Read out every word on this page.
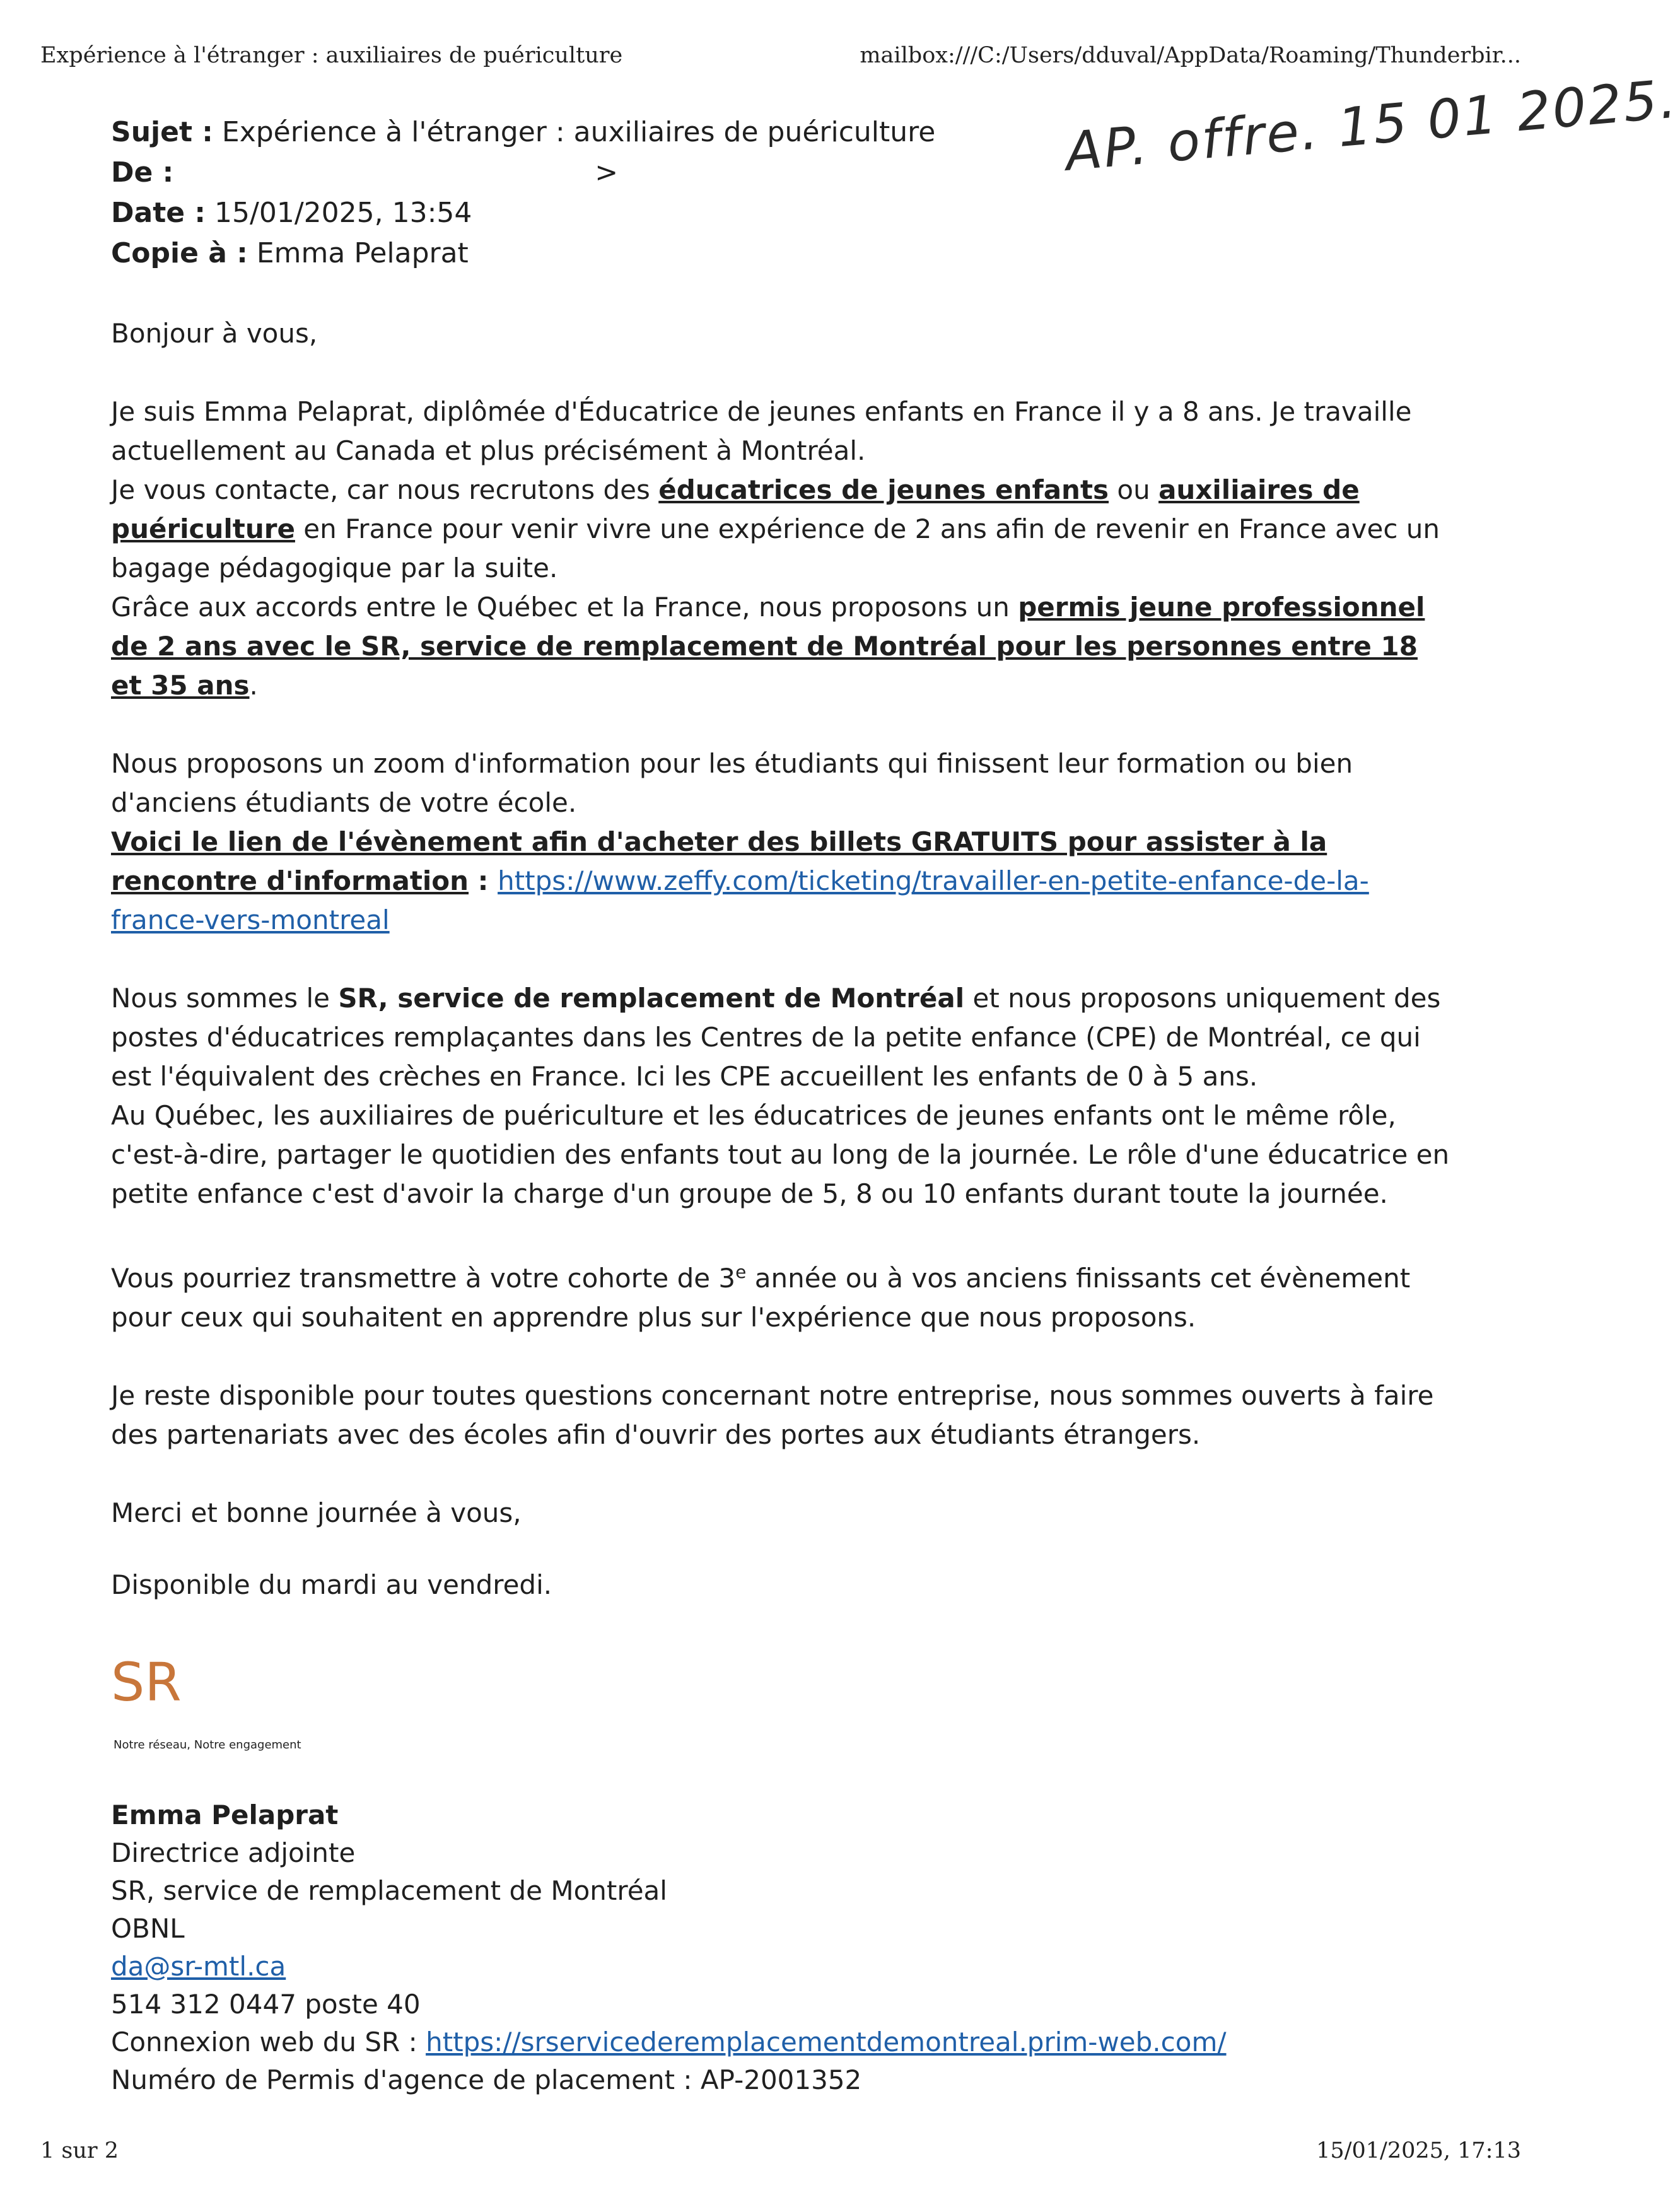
Expérience à l'étranger : auxiliaires de puériculture	mailbox:///C:/Users/dduval/AppData/Roaming/Thunderbir...
AP. offre. 15 01 2025.
Sujet : Expérience à l'étranger : auxiliaires de puériculture
De :	>
Date : 15/01/2025, 13:54
Copie à : Emma Pelaprat

Bonjour à vous,

Je suis Emma Pelaprat, diplômée d'Éducatrice de jeunes enfants en France il y a 8 ans. Je travaille actuellement au Canada et plus précisément à Montréal.

Je vous contacte, car nous recrutons des éducatrices de jeunes enfants ou auxiliaires de puériculture en France pour venir vivre une expérience de 2 ans afin de revenir en France avec un bagage pédagogique par la suite.

Grâce aux accords entre le Québec et la France, nous proposons un permis jeune professionnel de 2 ans avec le SR, service de remplacement de Montréal pour les personnes entre 18 et 35 ans.

Nous proposons un zoom d'information pour les étudiants qui finissent leur formation ou bien d'anciens étudiants de votre école.

Voici le lien de l'évènement afin d'acheter des billets GRATUITS pour assister à la rencontre d'information : https://www.zeffy.com/ticketing/travailler-en-petite-enfance-de-la-france-vers-montreal

Nous sommes le SR, service de remplacement de Montréal et nous proposons uniquement des postes d'éducatrices remplaçantes dans les Centres de la petite enfance (CPE) de Montréal, ce qui est l'équivalent des crèches en France. Ici les CPE accueillent les enfants de 0 à 5 ans.

Au Québec, les auxiliaires de puériculture et les éducatrices de jeunes enfants ont le même rôle, c'est-à-dire, partager le quotidien des enfants tout au long de la journée. Le rôle d'une éducatrice en petite enfance c'est d'avoir la charge d'un groupe de 5, 8 ou 10 enfants durant toute la journée.

Vous pourriez transmettre à votre cohorte de 3e année ou à vos anciens finissants cet évènement pour ceux qui souhaitent en apprendre plus sur l'expérience que nous proposons.

Je reste disponible pour toutes questions concernant notre entreprise, nous sommes ouverts à faire des partenariats avec des écoles afin d'ouvrir des portes aux étudiants étrangers.

Merci et bonne journée à vous,

Disponible du mardi au vendredi.
SR
Notre réseau, Notre engagement
Emma Pelaprat
Directrice adjointe
SR, service de remplacement de Montréal
OBNL
da@sr-mtl.ca
514 312 0447 poste 40
Connexion web du SR : https://srservicederemplacementdemontreal.prim-web.com/
Numéro de Permis d'agence de placement : AP-2001352
1 sur 2	15/01/2025, 17:13
